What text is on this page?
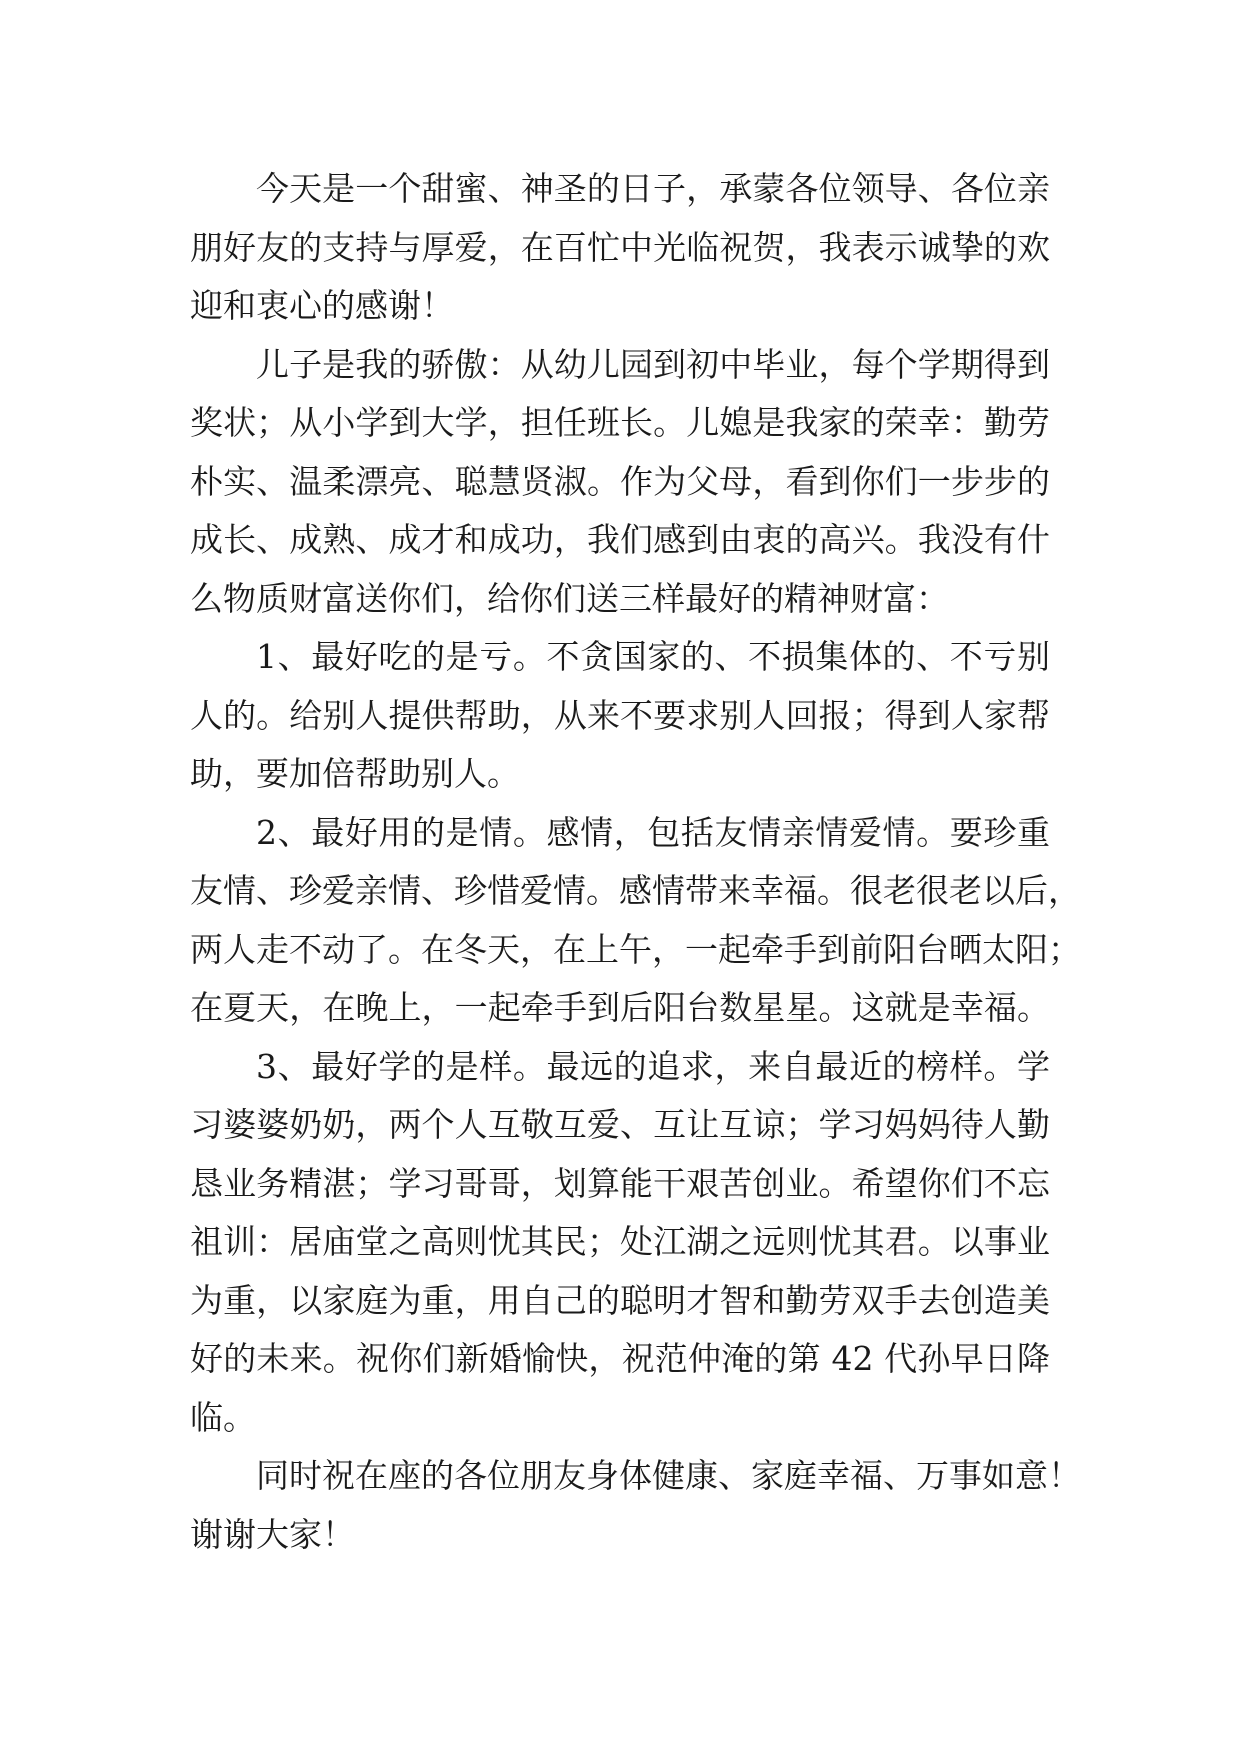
今天是一个甜蜜、神圣的日子，承蒙各位领导、各位亲
朋好友的支持与厚爱，在百忙中光临祝贺，我表示诚挚的欢
迎和衷心的感谢！
儿子是我的骄傲：从幼儿园到初中毕业，每个学期得到
奖状；从小学到大学，担任班长。儿媳是我家的荣幸：勤劳
朴实、温柔漂亮、聪慧贤淑。作为父母，看到你们一步步的
成长、成熟、成才和成功，我们感到由衷的高兴。我没有什
么物质财富送你们，给你们送三样最好的精神财富：
1、最好吃的是亏。不贪国家的、不损集体的、不亏别
人的。给别人提供帮助，从来不要求别人回报；得到人家帮
助，要加倍帮助别人。
2、最好用的是情。感情，包括友情亲情爱情。要珍重
友情、珍爱亲情、珍惜爱情。感情带来幸福。很老很老以后，
两人走不动了。在冬天，在上午，一起牵手到前阳台晒太阳；
在夏天，在晚上，一起牵手到后阳台数星星。这就是幸福。
3、最好学的是样。最远的追求，来自最近的榜样。学
习婆婆奶奶，两个人互敬互爱、互让互谅；学习妈妈待人勤
恳业务精湛；学习哥哥，划算能干艰苦创业。希望你们不忘
祖训：居庙堂之高则忧其民；处江湖之远则忧其君。以事业
为重，以家庭为重，用自己的聪明才智和勤劳双手去创造美
好的未来。祝你们新婚愉快，祝范仲淹的第 42 代孙早日降
临。
同时祝在座的各位朋友身体健康、家庭幸福、万事如意！
谢谢大家！
